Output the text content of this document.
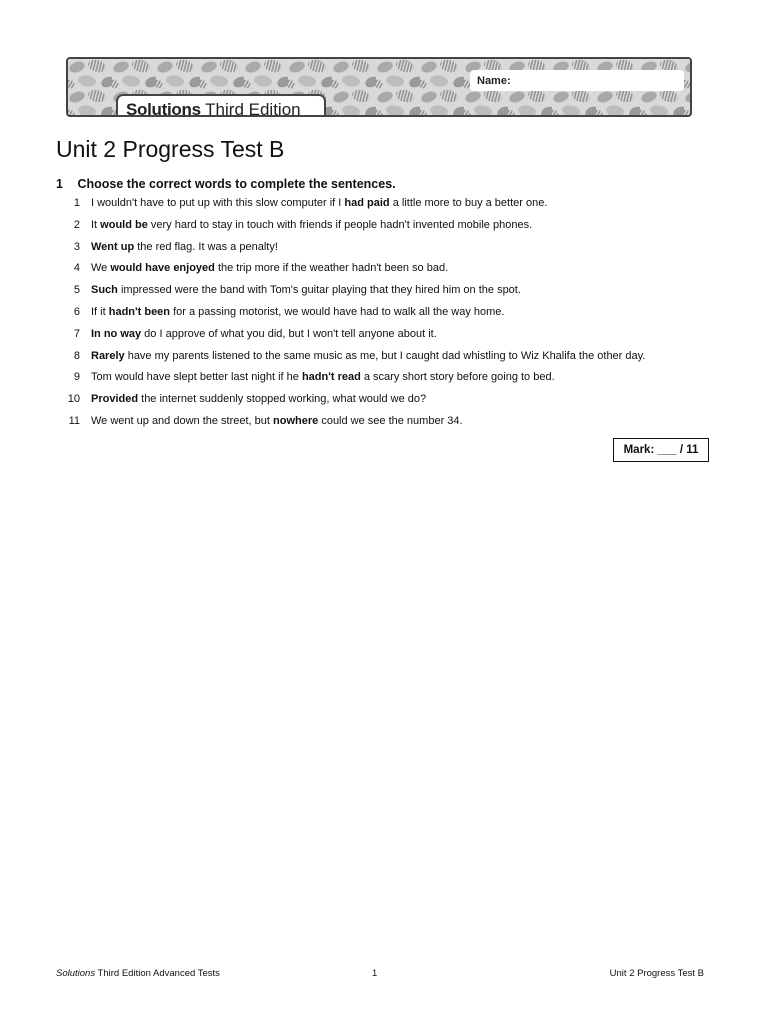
Name:
Solutions Third Edition
Unit 2 Progress Test B
1 Choose the correct words to complete the sentences.
1 I wouldn't have to put up with this slow computer if I had paid a little more to buy a better one.
2 It would be very hard to stay in touch with friends if people hadn't invented mobile phones.
3 Went up the red flag. It was a penalty!
4 We would have enjoyed the trip more if the weather hadn't been so bad.
5 Such impressed were the band with Tom's guitar playing that they hired him on the spot.
6 If it hadn't been for a passing motorist, we would have had to walk all the way home.
7 In no way do I approve of what you did, but I won't tell anyone about it.
8 Rarely have my parents listened to the same music as me, but I caught dad whistling to Wiz Khalifa the other day.
9 Tom would have slept better last night if he hadn't read a scary short story before going to bed.
10 Provided the internet suddenly stopped working, what would we do?
11 We went up and down the street, but nowhere could we see the number 34.
Mark: ___ / 11
Solutions Third Edition Advanced Tests	1	Unit 2 Progress Test B
